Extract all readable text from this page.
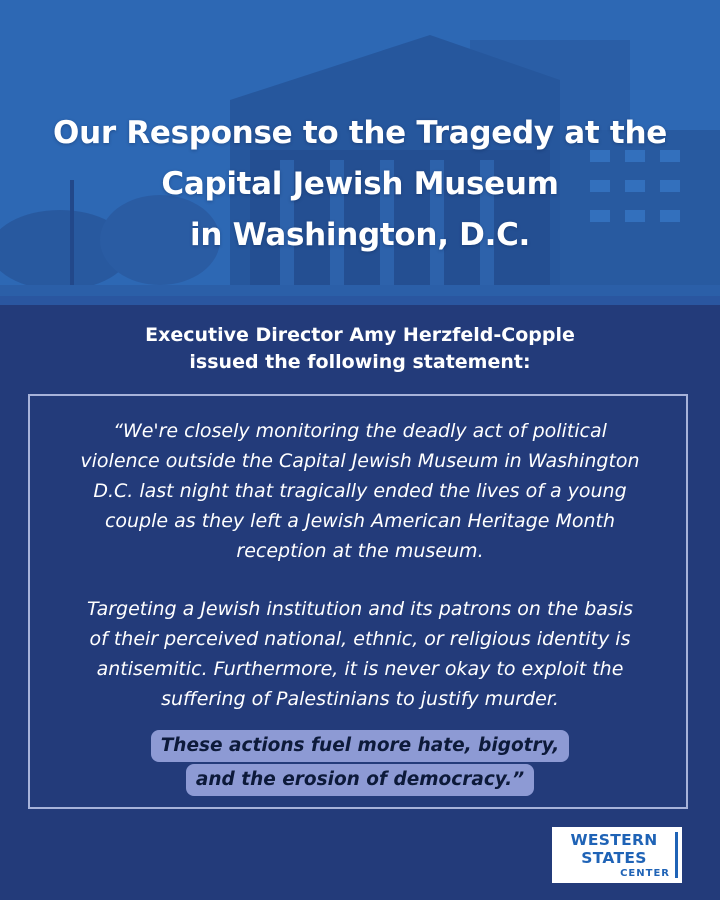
Our Response to the Tragedy at the
Capital Jewish Museum
in Washington, D.C.
Executive Director Amy Herzfeld-Copple
issued the following statement:
“We're closely monitoring the deadly act of political
violence outside the Capital Jewish Museum in Washington
D.C. last night that tragically ended the lives of a young
couple as they left a Jewish American Heritage Month
reception at the museum.
Targeting a Jewish institution and its patrons on the basis
of their perceived national, ethnic, or religious identity is
antisemitic. Furthermore, it is never okay to exploit the
suffering of Palestinians to justify murder.
These actions fuel more hate, bigotry,
and the erosion of democracy.”
WESTERN
STATES
CENTER
